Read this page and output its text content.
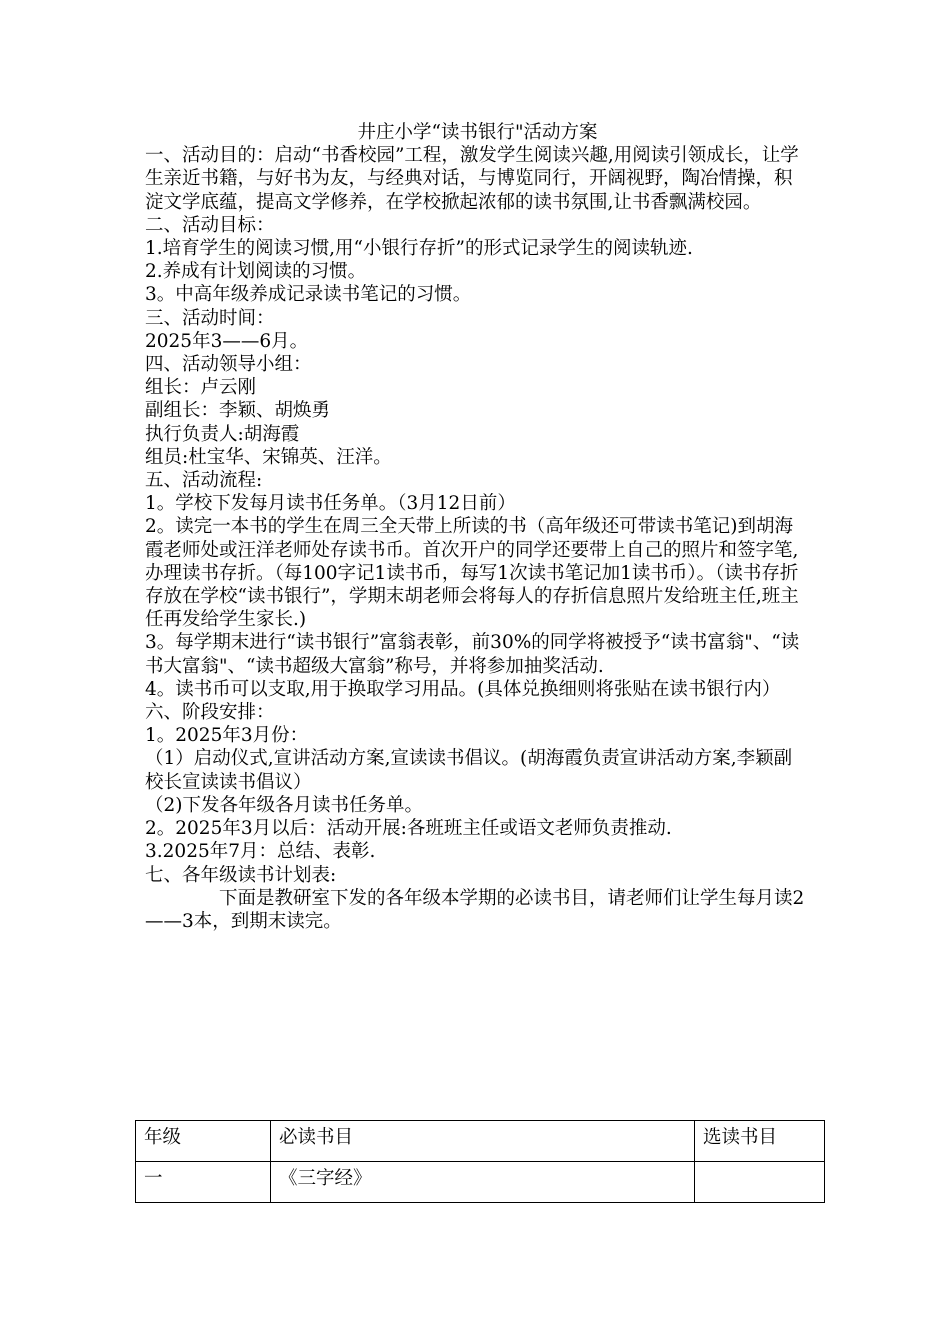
井庄小学“读书银行"活动方案

一、活动目的：启动“书香校园”工程，激发学生阅读兴趣,用阅读引领成长，让学生亲近书籍，与好书为友，与经典对话，与博览同行，开阔视野，陶冶情操，积淀文学底蕴，提高文学修养，在学校掀起浓郁的读书氛围,让书香飘满校园。

二、活动目标：

1.培育学生的阅读习惯,用“小银行存折”的形式记录学生的阅读轨迹.

2.养成有计划阅读的习惯。

3。中高年级养成记录读书笔记的习惯。

三、活动时间：

2025年3——6月。

四、活动领导小组：

组长：卢云刚

副组长：李颖、胡焕勇

执行负责人:胡海霞

组员:杜宝华、宋锦英、汪洋。

五、活动流程:

1。学校下发每月读书任务单。（3月12日前）

2。读完一本书的学生在周三全天带上所读的书（高年级还可带读书笔记)到胡海霞老师处或汪洋老师处存读书币。首次开户的同学还要带上自己的照片和签字笔,办理读书存折。（每100字记1读书币，每写1次读书笔记加1读书币）。（读书存折存放在学校“读书银行”，学期末胡老师会将每人的存折信息照片发给班主任,班主任再发给学生家长.)

3。每学期末进行“读书银行”富翁表彰，前30%的同学将被授予“读书富翁"、“读书大富翁"、“读书超级大富翁”称号，并将参加抽奖活动.

4。读书币可以支取,用于换取学习用品。(具体兑换细则将张贴在读书银行内）

六、阶段安排：

1。2025年3月份：

（1）启动仪式,宣讲活动方案,宣读读书倡议。(胡海霞负责宣讲活动方案,李颖副校长宣读读书倡议）

（2)下发各年级各月读书任务单。

2。2025年3月以后：活动开展:各班班主任或语文老师负责推动.

3.2025年7月：总结、表彰.

七、各年级读书计划表:

下面是教研室下发的各年级本学期的必读书目，请老师们让学生每月读2——3本，到期末读完。

年级	必读书目	选读书目
一	《三字经》	
